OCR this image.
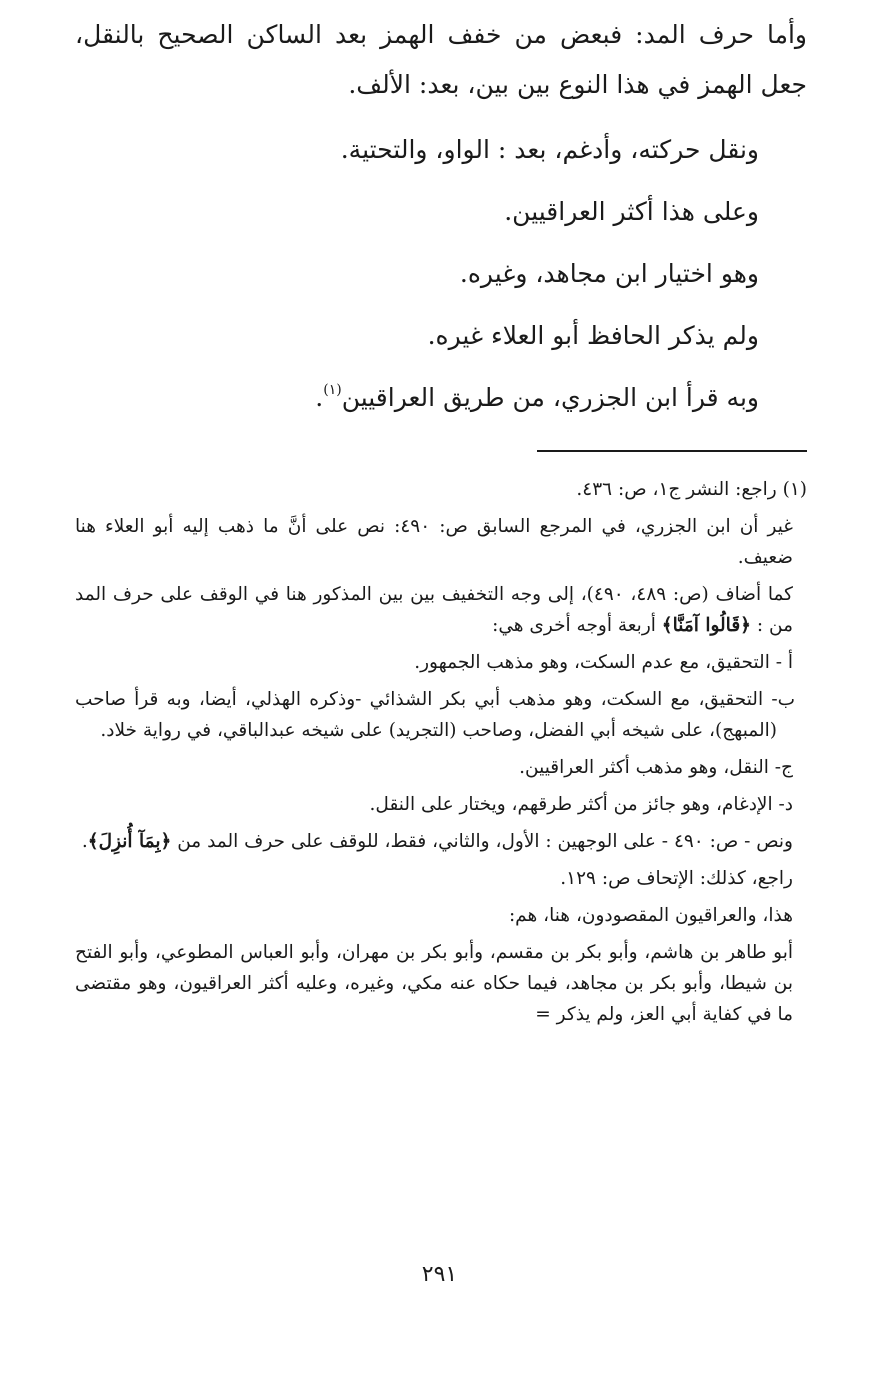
وأما حرف المد: فبعض من خفف الهمز بعد الساكن الصحيح بالنقل، جعل الهمز في هذا النوع بين بين، بعد: الألف.

ونقل حركته، وأدغم، بعد : الواو، والتحتية.

وعلى هذا أكثر العراقيين.

وهو اختيار ابن مجاهد، وغيره.

ولم يذكر الحافظ أبو العلاء غيره.

وبه قرأ ابن الجزري، من طريق العراقيين$^{(١)}$.

(١) راجع: النشر ج١، ص: ٤٣٦.

غير أن ابن الجزري، في المرجع السابق ص: ٤٩٠: نص على أنَّ ما ذهب إليه أبو العلاء هنا ضعيف.

كما أضاف (ص: ٤٨٩، ٤٩٠)، إلى وجه التخفيف بين بين المذكور هنا في الوقف على حرف المد من : ﴿قَالُوا آمَنَّا﴾ أربعة أوجه أخرى هي:

أ - التحقيق، مع عدم السكت، وهو مذهب الجمهور.

ب- التحقيق، مع السكت، وهو مذهب أبي بكر الشذائي -وذكره الهذلي، أيضا، وبه قرأ صاحب (المبهج)، على شيخه أبي الفضل، وصاحب (التجريد) على شيخه عبدالباقي، في رواية خلاد.

ج- النقل، وهو مذهب أكثر العراقيين.

د- الإدغام، وهو جائز من أكثر طرقهم، ويختار على النقل.

ونص - ص: ٤٩٠ - على الوجهين : الأول، والثاني، فقط، للوقف على حرف المد من ﴿بِمَآ أُنزِلَ﴾.

راجع، كذلك: الإتحاف ص: ١٢٩.

هذا، والعراقيون المقصودون، هنا، هم:

أبو طاهر بن هاشم، وأبو بكر بن مقسم، وأبو بكر بن مهران، وأبو العباس المطوعي، وأبو الفتح بن شيطا، وأبو بكر بن مجاهد، فيما حكاه عنه مكي، وغيره، وعليه أكثر العراقيون، وهو مقتضى ما في كفاية أبي العز، ولم يذكر =

٢٩١
